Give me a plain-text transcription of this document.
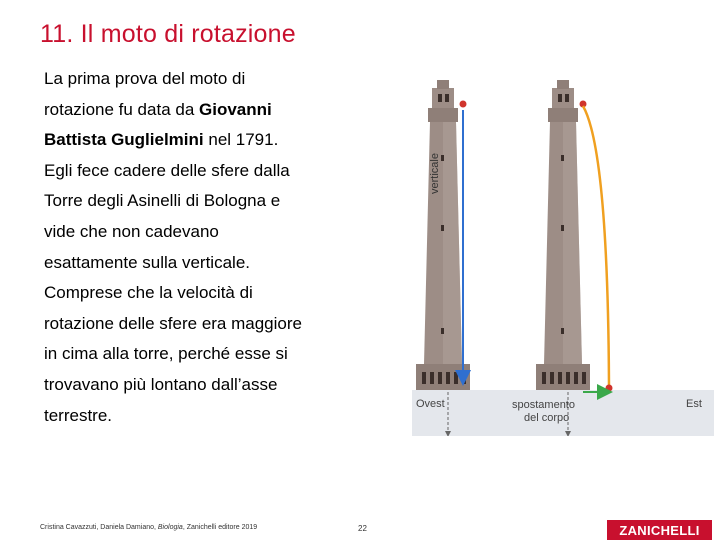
11. Il moto di rotazione
La prima prova del moto di rotazione fu data da Giovanni Battista Guglielmini nel 1791. Egli fece cadere delle sfere dalla Torre degli Asinelli di Bologna e vide che non cadevano esattamente sulla verticale. Comprese che la velocità di rotazione delle sfere era maggiore in cima alla torre, perché esse si trovavano più lontano dall’asse terrestre.
verticale
Ovest	Est
spostamento
del corpo
Cristina Cavazzuti, Daniela Damiano, Biologia, Zanichelli editore 2019	22	ZANICHELLI
